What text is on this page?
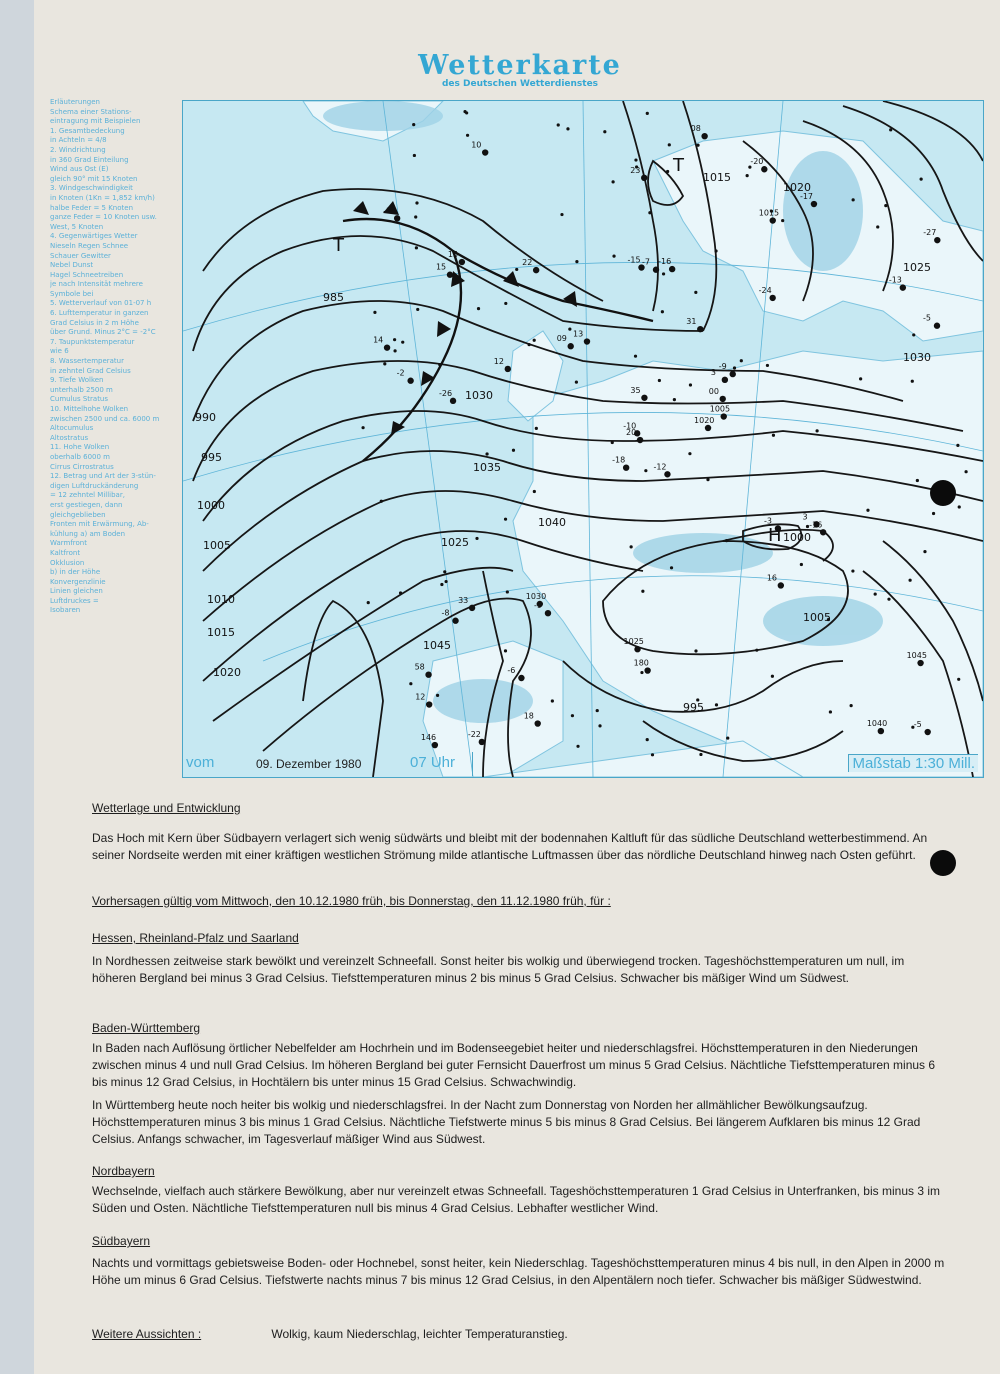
Wetterkarte
des Deutschen Wetterdienstes
Erläuterungen
Schema einer Stations-
eintragung mit Beispielen
1. Gesamtbedeckung
in Achteln = 4/8
2. Windrichtung
in 360 Grad Einteilung
Wind aus Ost (E)
gleich 90° mit 15 Knoten
3. Windgeschwindigkeit
in Knoten (1Kn = 1,852 km/h)
halbe Feder = 5 Knoten
ganze Feder = 10 Knoten usw.
West, 5 Knoten
4. Gegenwärtiges Wetter
Nieseln Regen Schnee
Schauer Gewitter
Nebel Dunst
Hagel Schneetreiben
je nach Intensität mehrere
Symbole bei
5. Wetterverlauf von 01-07 h
6. Lufttemperatur in ganzen
Grad Celsius in 2 m Höhe
über Grund. Minus 2°C = -2°C
7. Taupunktstemperatur
wie 6
8. Wassertemperatur
in zehntel Grad Celsius
9. Tiefe Wolken
unterhalb 2500 m
Cumulus Stratus
10. Mittelhohe Wolken
zwischen 2500 und ca. 6000 m
Altocumulus
Altostratus
11. Hohe Wolken
oberhalb 6000 m
Cirrus Cirrostratus
12. Betrag und Art der 3-stün-
digen Luftdruckänderung
= 12 zehntel Millibar,
erst gestiegen, dann
gleichgeblieben
Fronten mit Erwärmung, Ab-
kühlung a) am Boden
Warmfront
Kaltfront
Okklusion
b) in der Höhe
Konvergenzlinie
Linien gleichen
Luftdruckes =
Isobaren
985
990
995
1000
1005
1010
1015
1020
1025
1030
1035
1040
1045
1015
1020
1025
1030
1005
1000
995
T
T
H
-12
15
20
58
3
-9
-20
-16
1015
1020
10
-5
-26
-27
-18
-24
-22
-15
31
33
13
12
-6
-7
-9
-16
15
23
-2
-3
-5
-10
1025
35
22
-17
1030
1040
1045
3
08
09
12
16
18
14
00
146
180
1005
-8
-13
-1
vom	09. Dezember 1980	07 Uhr	Maßstab 1:30 Mill.
Wetterlage und Entwicklung
Das Hoch mit Kern über Südbayern verlagert sich wenig südwärts und bleibt mit der bodennahen Kaltluft für das südliche Deutschland wetterbestimmend. An seiner Nordseite werden mit einer kräftigen westlichen Strömung milde atlantische Luftmassen über das nördliche Deutschland hinweg nach Osten geführt.
Vorhersagen gültig vom Mittwoch, den 10.12.1980 früh, bis Donnerstag, den 11.12.1980 früh, für :
Hessen, Rheinland-Pfalz und Saarland
In Nordhessen zeitweise stark bewölkt und vereinzelt Schneefall. Sonst heiter bis wolkig und überwiegend trocken. Tageshöchsttemperaturen um null, im höheren Bergland bei minus 3 Grad Celsius. Tiefsttemperaturen minus 2 bis minus 5 Grad Celsius. Schwacher bis mäßiger Wind um Südwest.
Baden-Württemberg
In Baden nach Auflösung örtlicher Nebelfelder am Hochrhein und im Bodenseegebiet heiter und niederschlagsfrei. Höchsttemperaturen in den Niederungen zwischen minus 4 und null Grad Celsius. Im höheren Bergland bei guter Fernsicht Dauerfrost um minus 5 Grad Celsius. Nächtliche Tiefsttemperaturen minus 6 bis minus 12 Grad Celsius, in Hochtälern bis unter minus 15 Grad Celsius. Schwachwindig.
In Württemberg heute noch heiter bis wolkig und niederschlagsfrei. In der Nacht zum Donnerstag von Norden her allmählicher Bewölkungsaufzug. Höchsttemperaturen minus 3 bis minus 1 Grad Celsius. Nächtliche Tiefstwerte minus 5 bis minus 8 Grad Celsius. Bei längerem Aufklaren bis minus 12 Grad Celsius. Anfangs schwacher, im Tagesverlauf mäßiger Wind aus Südwest.
Nordbayern
Wechselnde, vielfach auch stärkere Bewölkung, aber nur vereinzelt etwas Schneefall. Tageshöchsttemperaturen 1 Grad Celsius in Unterfranken, bis minus 3 im Süden und Osten. Nächtliche Tiefsttemperaturen null bis minus 4 Grad Celsius. Lebhafter westlicher Wind.
Südbayern
Nachts und vormittags gebietsweise Boden- oder Hochnebel, sonst heiter, kein Niederschlag. Tageshöchsttemperaturen minus 4 bis null, in den Alpen in 2000 m Höhe um minus 6 Grad Celsius. Tiefstwerte nachts minus 7 bis minus 12 Grad Celsius, in den Alpentälern noch tiefer. Schwacher bis mäßiger Südwestwind.
Weitere Aussichten :	Wolkig, kaum Niederschlag, leichter Temperaturanstieg.
